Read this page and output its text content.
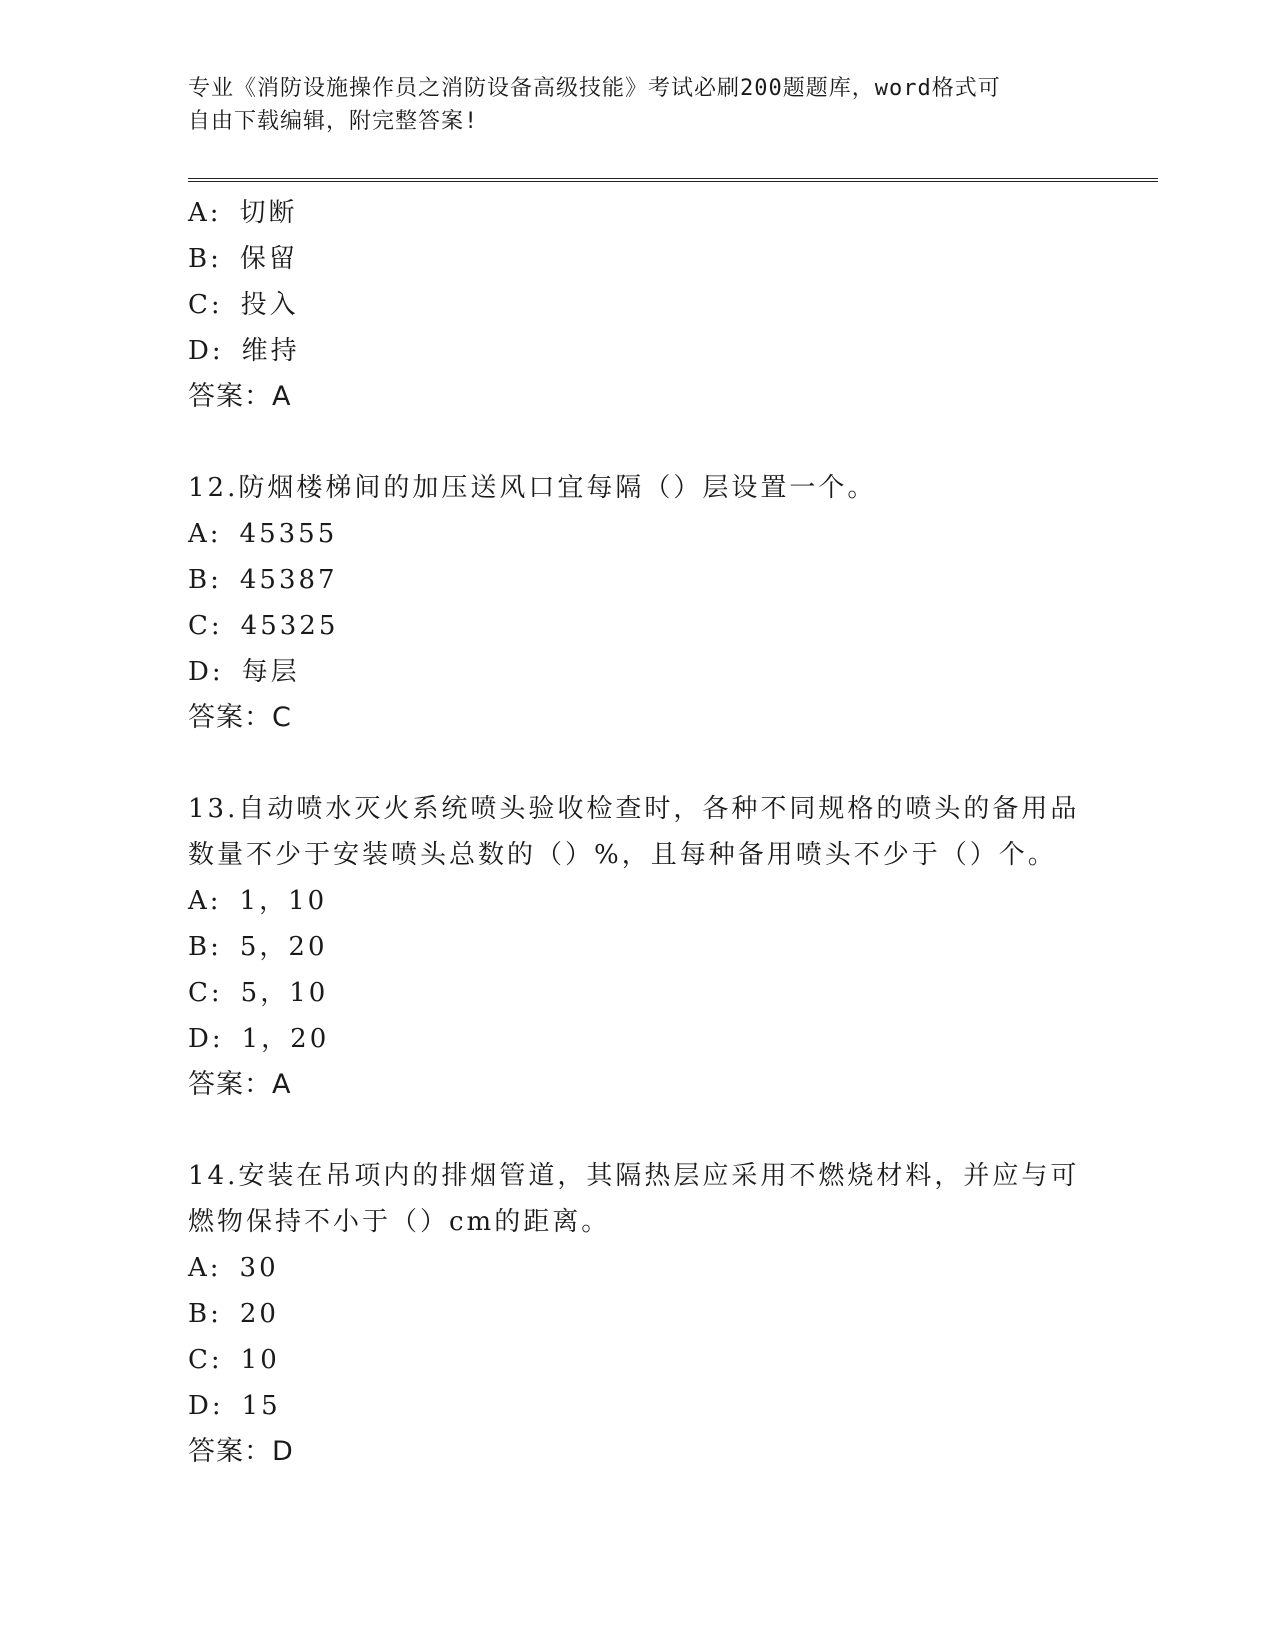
专业《消防设施操作员之消防设备高级技能》考试必刷200题题库，word格式可
自由下载编辑，附完整答案!
A: 切断
B: 保留
C: 投入
D: 维持
答案：A
12.防烟楼梯间的加压送风口宜每隔（）层设置一个。
A: 45355
B: 45387
C: 45325
D: 每层
答案：C
13.自动喷水灭火系统喷头验收检查时，各种不同规格的喷头的备用品
数量不少于安装喷头总数的（）%，且每种备用喷头不少于（）个。
A: 1，10
B: 5，20
C: 5，10
D: 1，20
答案：A
14.安装在吊项内的排烟管道，其隔热层应采用不燃烧材料，并应与可
燃物保持不小于（）cm的距离。
A: 30
B: 20
C: 10
D: 15
答案：D
